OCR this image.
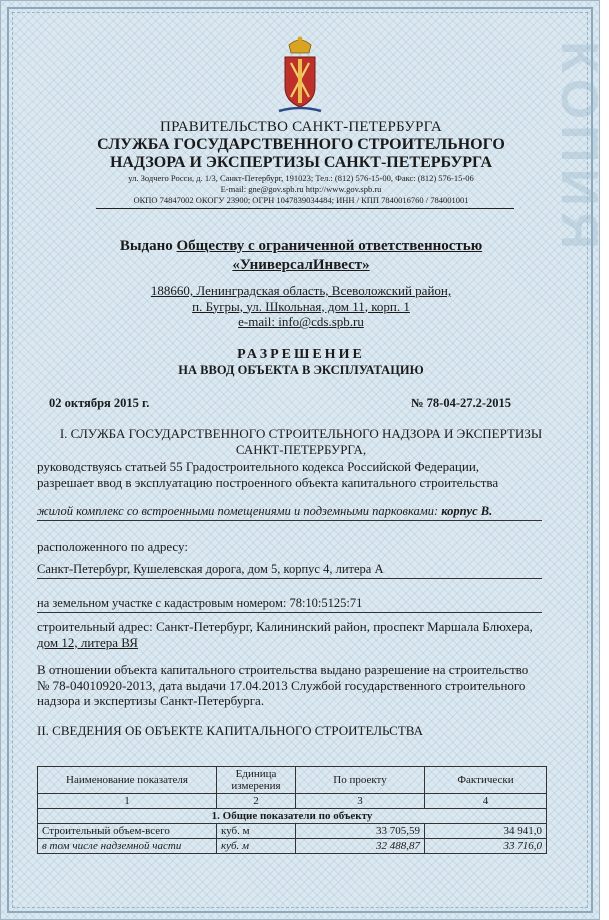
КОПИЯ
ПРАВИТЕЛЬСТВО САНКТ-ПЕТЕРБУРГА
СЛУЖБА ГОСУДАРСТВЕННОГО СТРОИТЕЛЬНОГО
НАДЗОРА И ЭКСПЕРТИЗЫ САНКТ-ПЕТЕРБУРГА
ул. Зодчего Росси, д. 1/3, Санкт-Петербург, 191023; Тел.: (812) 576-15-00, Факс: (812) 576-15-06
E-mail: gne@gov.spb.ru http://www.gov.spb.ru
ОКПО 74847002 ОКОГУ 23900; ОГРН 1047839034484; ИНН / КПП 7840016760 / 784001001
Выдано Обществу с ограниченной ответственностью
«УниверсалИнвест»
188660, Ленинградская область, Всеволожский район,
п. Бугры, ул. Школьная, дом 11, корп. 1
e-mail: info@cds.spb.ru
РАЗРЕШЕНИЕ
НА ВВОД ОБЪЕКТА В ЭКСПЛУАТАЦИЮ
02 октября 2015 г.	№ 78-04-27.2-2015
I. СЛУЖБА ГОСУДАРСТВЕННОГО СТРОИТЕЛЬНОГО НАДЗОРА И ЭКСПЕРТИЗЫ
САНКТ-ПЕТЕРБУРГА,
руководствуясь статьей 55 Градостроительного кодекса Российской Федерации,
разрешает ввод в эксплуатацию построенного объекта капитального строительства
жилой комплекс со встроенными помещениями и подземными парковками: корпус В.
расположенного по адресу:
Санкт-Петербург, Кушелевская дорога, дом 5, корпус 4, литера А
на земельном участке с кадастровым номером: 78:10:5125:71
строительный адрес: Санкт-Петербург, Калининский район, проспект Маршала Блюхера,
дом 12, литера ВЯ
В отношении объекта капитального строительства выдано разрешение на строительство
№ 78-04010920-2013, дата выдачи 17.04.2013 Службой государственного строительного
надзора и экспертизы Санкт-Петербурга.
II. СВЕДЕНИЯ ОБ ОБЪЕКТЕ КАПИТАЛЬНОГО СТРОИТЕЛЬСТВА
Наименование показателя	Единица измерения	По проекту	Фактически
1	2	3	4
1. Общие показатели по объекту			
Строительный объем-всего	куб. м	33 705,59	34 941,0
в том числе надземной части	куб. м	32 488,87	33 716,0
